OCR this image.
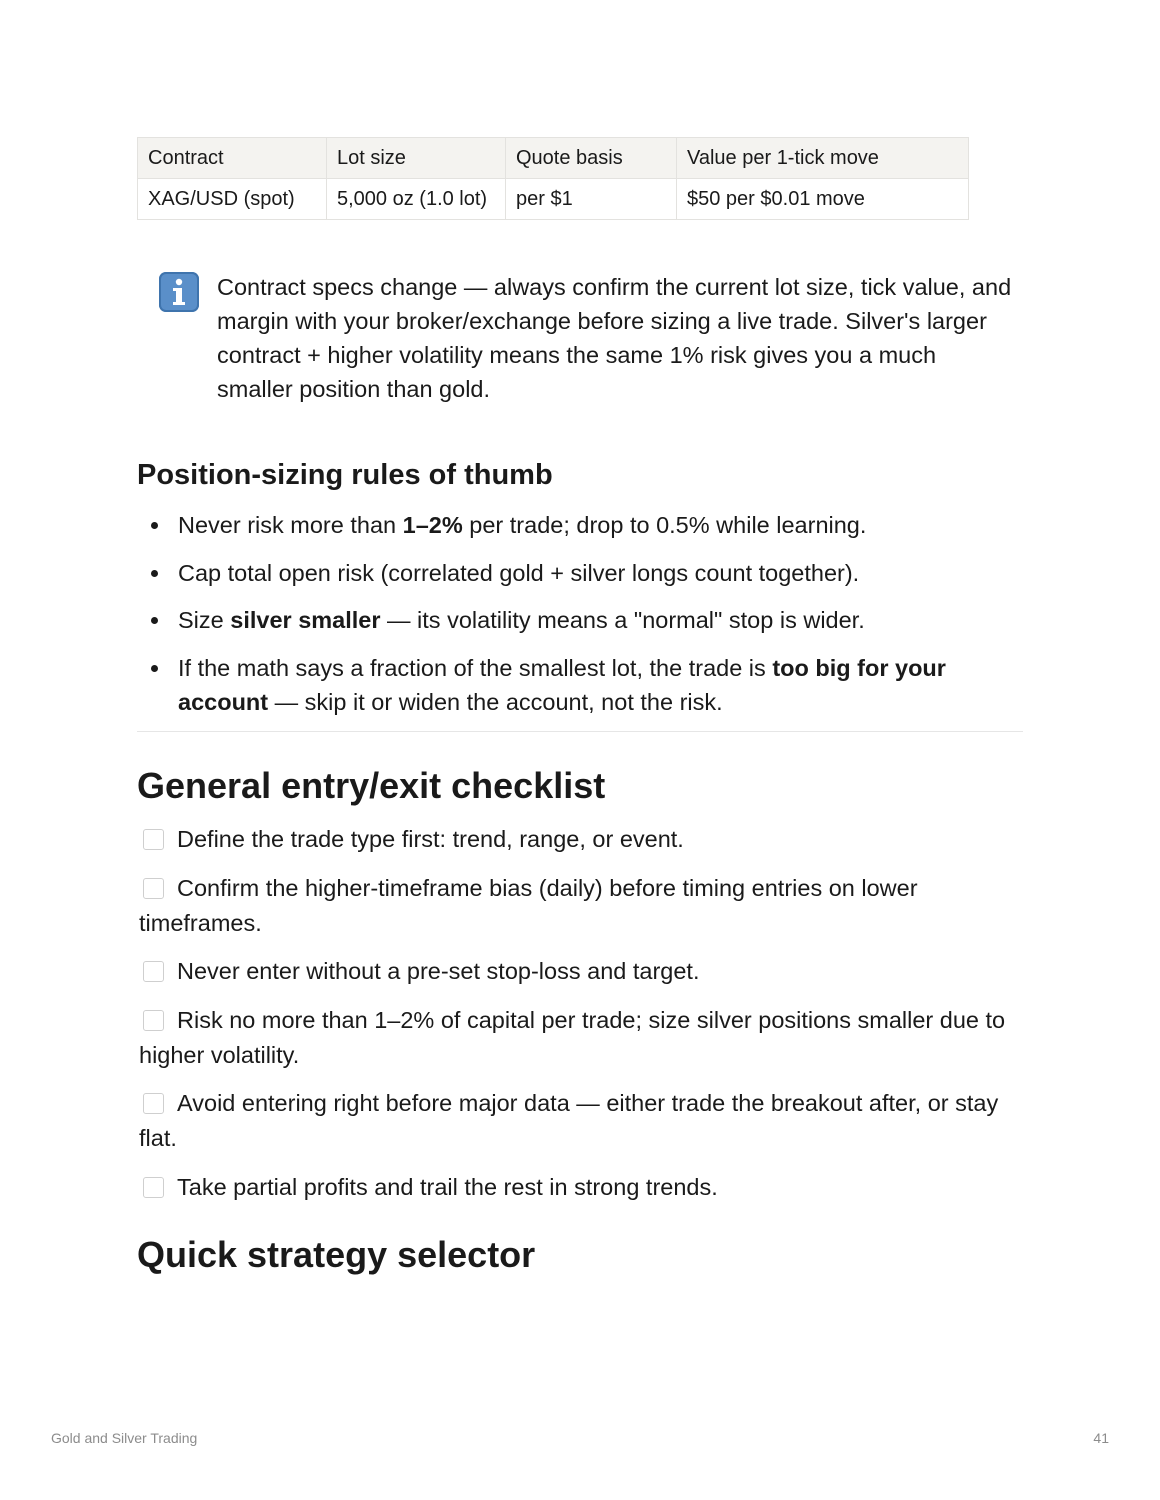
Contract	Lot size	Quote basis	Value per 1-tick move
XAG/USD (spot)	5,000 oz (1.0 lot)	per $1	$50 per $0.01 move
Contract specs change — always confirm the current lot size, tick value, and margin with your broker/exchange before sizing a live trade. Silver's larger contract + higher volatility means the same 1% risk gives you a much smaller position than gold.
Position-sizing rules of thumb
Never risk more than 1–2% per trade; drop to 0.5% while learning.
Cap total open risk (correlated gold + silver longs count together).
Size silver smaller — its volatility means a "normal" stop is wider.
If the math says a fraction of the smallest lot, the trade is too big for your account — skip it or widen the account, not the risk.
General entry/exit checklist
Define the trade type first: trend, range, or event.
Confirm the higher-timeframe bias (daily) before timing entries on lower timeframes.
Never enter without a pre-set stop-loss and target.
Risk no more than 1–2% of capital per trade; size silver positions smaller due to higher volatility.
Avoid entering right before major data — either trade the breakout after, or stay flat.
Take partial profits and trail the rest in strong trends.
Quick strategy selector
Gold and Silver Trading	41
